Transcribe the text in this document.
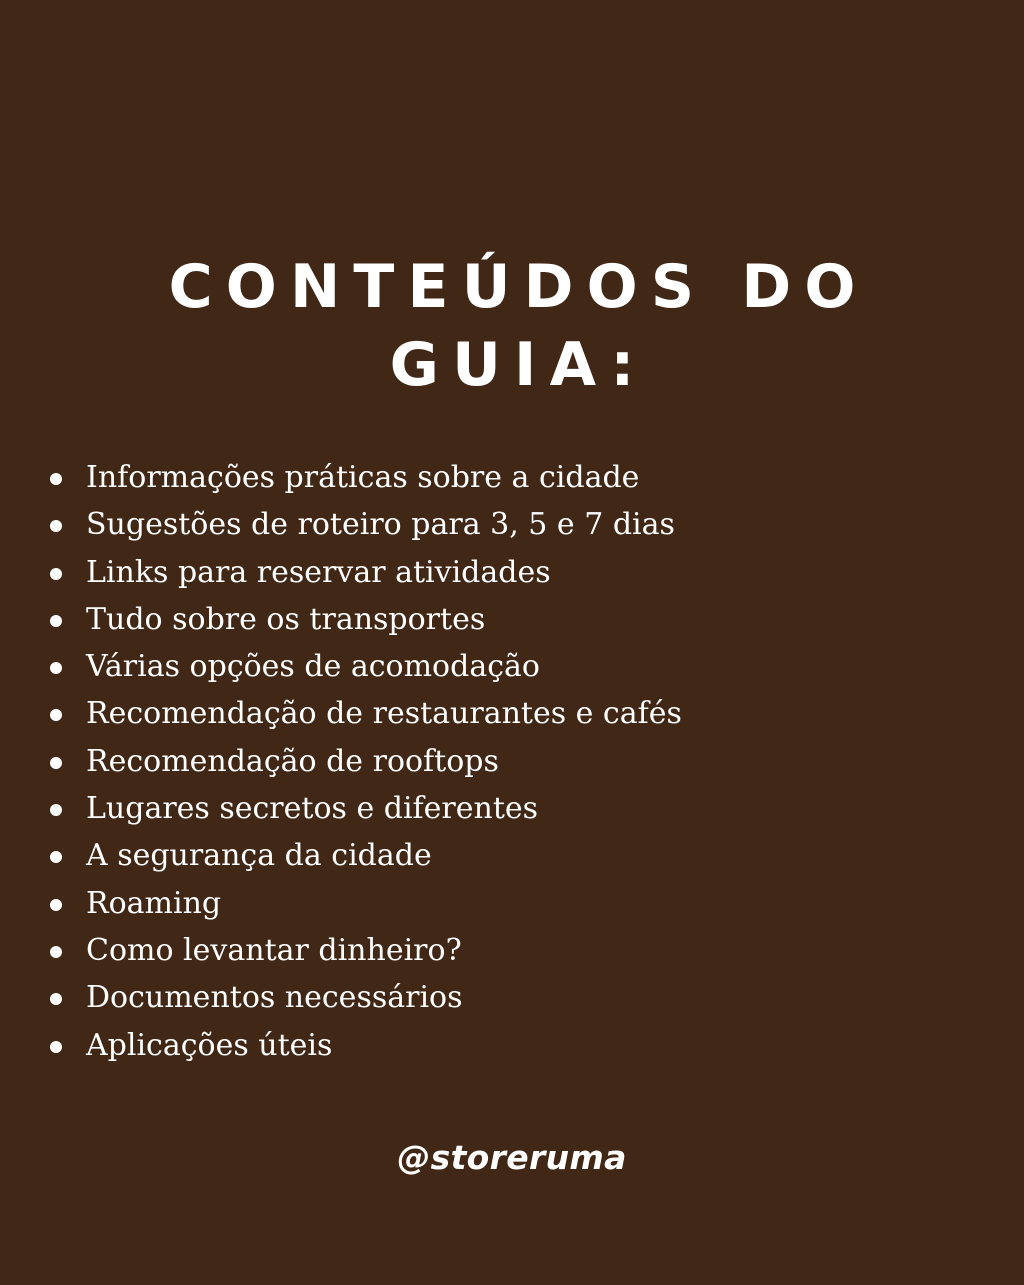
CONTEÚDOS DO
GUIA:
Informações práticas sobre a cidade
Sugestões de roteiro para 3, 5 e 7 dias
Links para reservar atividades
Tudo sobre os transportes
Várias opções de acomodação
Recomendação de restaurantes e cafés
Recomendação de rooftops
Lugares secretos e diferentes
A segurança da cidade
Roaming
Como levantar dinheiro?
Documentos necessários
Aplicações úteis
@storeruma
